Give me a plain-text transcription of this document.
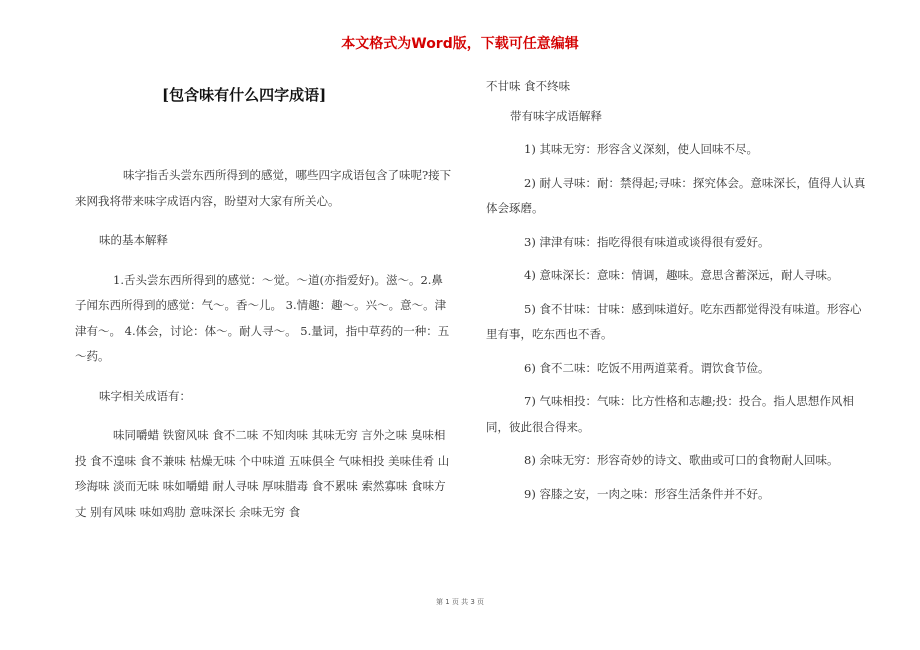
本文格式为Word版，下载可任意编辑
[包含味有什么四字成语]

味字指舌头尝东西所得到的感觉，哪些四字成语包含了味呢?接下来网我将带来味字成语内容，盼望对大家有所关心。

味的基本解释

1.舌头尝东西所得到的感觉：～觉。～道(亦指爱好)。滋～。2.鼻子闻东西所得到的感觉：气～。香～儿。 3.情趣：趣～。兴～。意～。津津有～。 4.体会，讨论：体～。耐人寻～。 5.量词，指中草药的一种：五～药。

味字相关成语有：

味同嚼蜡 铁窗风味 食不二味 不知肉味 其味无穷 言外之味 臭味相投 食不遑味 食不兼味 枯燥无味 个中味道 五味俱全 气味相投 美味佳肴 山珍海味 淡而无味 味如嚼蜡 耐人寻味 厚味腊毒 食不累味 索然寡味 食味方丈 别有风味 味如鸡肋 意味深长 余味无穷 食

不甘味 食不终味

带有味字成语解释

1) 其味无穷：形容含义深刻，使人回味不尽。

2) 耐人寻味：耐：禁得起;寻味：探究体会。意味深长，值得人认真体会琢磨。

3) 津津有味：指吃得很有味道或谈得很有爱好。

4) 意味深长：意味：情调，趣味。意思含蓄深远，耐人寻味。

5) 食不甘味：甘味：感到味道好。吃东西都觉得没有味道。形容心里有事，吃东西也不香。

6) 食不二味：吃饭不用两道菜肴。谓饮食节俭。

7) 气味相投：气味：比方性格和志趣;投：投合。指人思想作风相同，彼此很合得来。

8) 余味无穷：形容奇妙的诗文、歌曲或可口的食物耐人回味。

9) 容膝之安，一肉之味：形容生活条件并不好。

第 1 页 共 3 页
